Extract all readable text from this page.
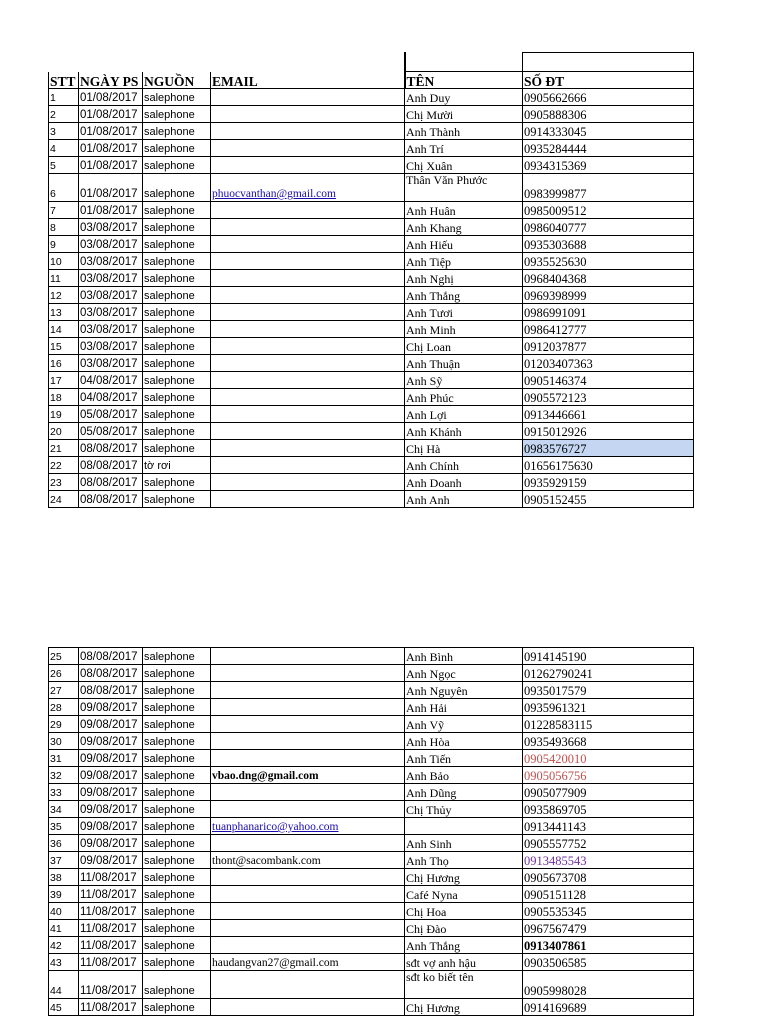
STT	NGÀY PS	NGUỒN	EMAIL	TÊN	SỐ ĐT
1	01/08/2017	salephone		Anh Duy	0905662666
2	01/08/2017	salephone		Chị Mười	0905888306
3	01/08/2017	salephone		Anh Thành	0914333045
4	01/08/2017	salephone		Anh Trí	0935284444
5	01/08/2017	salephone		Chị Xuân	0934315369
6	01/08/2017	salephone	phuocvanthan@gmail.com	Thân Văn Phước	0983999877
7	01/08/2017	salephone		Anh Huân	0985009512
8	03/08/2017	salephone		Anh Khang	0986040777
9	03/08/2017	salephone		Anh Hiếu	0935303688
10	03/08/2017	salephone		Anh Tiệp	0935525630
11	03/08/2017	salephone		Anh Nghị	0968404368
12	03/08/2017	salephone		Anh Thắng	0969398999
13	03/08/2017	salephone		Anh Tươi	0986991091
14	03/08/2017	salephone		Anh Minh	0986412777
15	03/08/2017	salephone		Chị Loan	0912037877
16	03/08/2017	salephone		Anh Thuận	01203407363
17	04/08/2017	salephone		Anh Sỹ	0905146374
18	04/08/2017	salephone		Anh Phúc	0905572123
19	05/08/2017	salephone		Anh Lợi	0913446661
20	05/08/2017	salephone		Anh Khánh	0915012926
21	08/08/2017	salephone		Chị Hà	0983576727
22	08/08/2017	tờ rơi		Anh Chính	01656175630
23	08/08/2017	salephone		Anh Doanh	0935929159
24	08/08/2017	salephone		Anh Anh	0905152455
25	08/08/2017	salephone		Anh Bình	0914145190
26	08/08/2017	salephone		Anh Ngọc	01262790241
27	08/08/2017	salephone		Anh Nguyên	0935017579
28	09/08/2017	salephone		Anh Hải	0935961321
29	09/08/2017	salephone		Anh Vỹ	01228583115
30	09/08/2017	salephone		Anh Hòa	0935493668
31	09/08/2017	salephone		Anh Tiến	0905420010
32	09/08/2017	salephone	vbao.dng@gmail.com	Anh Bảo	0905056756
33	09/08/2017	salephone		Anh Dũng	0905077909
34	09/08/2017	salephone		Chị Thủy	0935869705
35	09/08/2017	salephone	tuanphanarico@yahoo.com		0913441143
36	09/08/2017	salephone		Anh Sinh	0905557752
37	09/08/2017	salephone	thont@sacombank.com	Anh Thọ	0913485543
38	11/08/2017	salephone		Chị Hương	0905673708
39	11/08/2017	salephone		Café Nyna	0905151128
40	11/08/2017	salephone		Chị Hoa	0905535345
41	11/08/2017	salephone		Chị Đào	0967567479
42	11/08/2017	salephone		Anh Thắng	0913407861
43	11/08/2017	salephone	haudangvan27@gmail.com	sđt vợ anh hậu	0903506585
44	11/08/2017	salephone		sđt ko biết tên	0905998028
45	11/08/2017	salephone		Chị Hương	0914169689
